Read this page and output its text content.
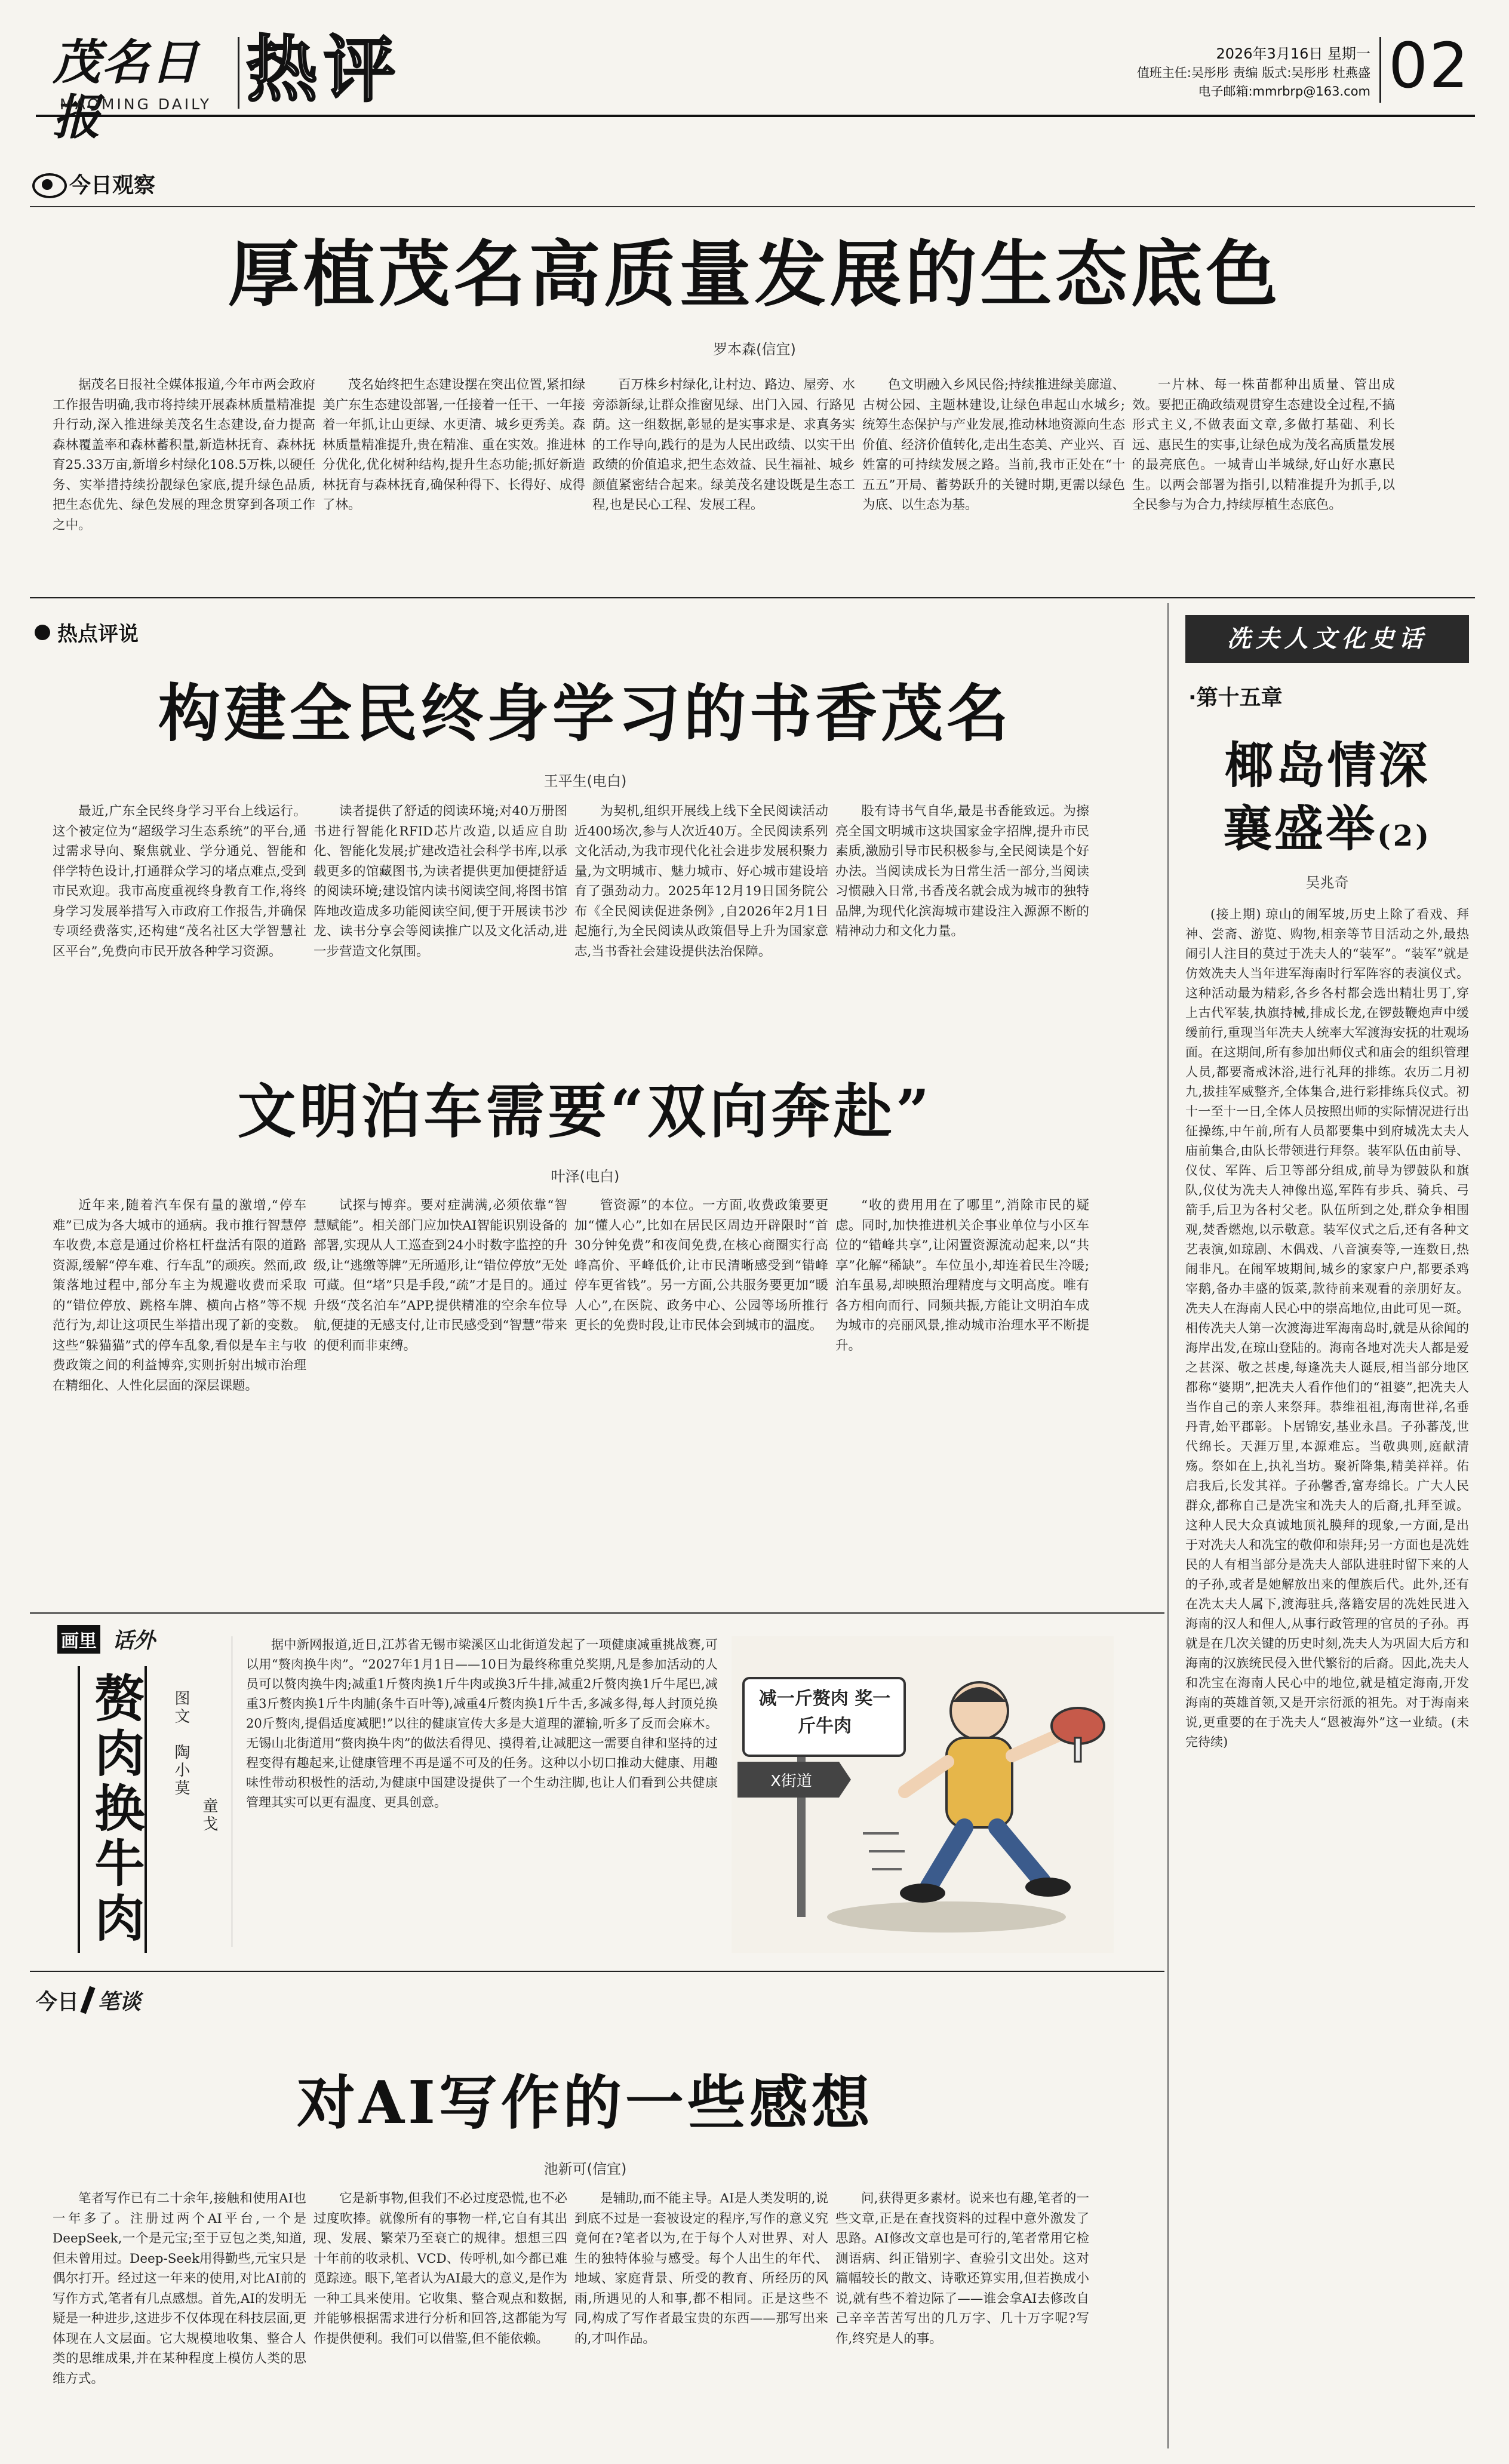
茂名日报
MAOMING DAILY 热评	2026年3月16日 星期一
值班主任:吴彤彤 责编 版式:吴彤彤 杜燕盛
电子邮箱:mmrbrp@163.com 02
今日观察
厚植茂名高质量发展的生态底色
罗本森(信宜)

据茂名日报社全媒体报道,今年市两会政府工作报告明确,我市将持续开展森林质量精准提升行动,深入推进绿美茂名生态建设,奋力提高森林覆盖率和森林蓄积量,新造林抚育、森林抚育25.33万亩,新增乡村绿化108.5万株,以硬任务、实举措持续扮靓绿色家底,提升绿色品质,把生态优先、绿色发展的理念贯穿到各项工作之中。

茂名始终把生态建设摆在突出位置,紧扣绿美广东生态建设部署,一任接着一任干、一年接着一年抓,让山更绿、水更清、城乡更秀美。森林质量精准提升,贵在精准、重在实效。推进林分优化,优化树种结构,提升生态功能;抓好新造林抚育与森林抚育,确保种得下、长得好、成得了林。

百万株乡村绿化,让村边、路边、屋旁、水旁添新绿,让群众推窗见绿、出门入园、行路见荫。这一组数据,彰显的是实事求是、求真务实的工作导向,践行的是为人民出政绩、以实干出政绩的价值追求,把生态效益、民生福祉、城乡颜值紧密结合起来。绿美茂名建设既是生态工程,也是民心工程、发展工程。

色文明融入乡风民俗;持续推进绿美廊道、古树公园、主题林建设,让绿色串起山水城乡;统筹生态保护与产业发展,推动林地资源向生态价值、经济价值转化,走出生态美、产业兴、百姓富的可持续发展之路。当前,我市正处在“十五五”开局、蓄势跃升的关键时期,更需以绿色为底、以生态为基。

一片林、每一株苗都种出质量、管出成效。要把正确政绩观贯穿生态建设全过程,不搞形式主义,不做表面文章,多做打基础、利长远、惠民生的实事,让绿色成为茂名高质量发展的最亮底色。一城青山半城绿,好山好水惠民生。以两会部署为指引,以精准提升为抓手,以全民参与为合力,持续厚植生态底色。

热点评说
构建全民终身学习的书香茂名
王平生(电白)

最近,广东全民终身学习平台上线运行。这个被定位为“超级学习生态系统”的平台,通过需求导向、聚焦就业、学分通兑、智能和伴学特色设计,打通群众学习的堵点难点,受到市民欢迎。我市高度重视终身教育工作,将终身学习发展举措写入市政府工作报告,并确保专项经费落实,还构建“茂名社区大学智慧社区平台”,免费向市民开放各种学习资源。

读者提供了舒适的阅读环境;对40万册图书进行智能化RFID芯片改造,以适应自助化、智能化发展;扩建改造社会科学书库,以承载更多的馆藏图书,为读者提供更加便捷舒适的阅读环境;建设馆内读书阅读空间,将图书馆阵地改造成多功能阅读空间,便于开展读书沙龙、读书分享会等阅读推广以及文化活动,进一步营造文化氛围。

为契机,组织开展线上线下全民阅读活动近400场次,参与人次近40万。全民阅读系列文化活动,为我市现代化社会进步发展积聚力量,为文明城市、魅力城市、好心城市建设培育了强劲动力。2025年12月19日国务院公布《全民阅读促进条例》,自2026年2月1日起施行,为全民阅读从政策倡导上升为国家意志,当书香社会建设提供法治保障。

股有诗书气自华,最是书香能致远。为擦亮全国文明城市这块国家金字招牌,提升市民素质,激励引导市民积极参与,全民阅读是个好办法。当阅读成长为日常生活一部分,当阅读习惯融入日常,书香茂名就会成为城市的独特品牌,为现代化滨海城市建设注入源源不断的精神动力和文化力量。

文明泊车需要“双向奔赴”
叶泽(电白)

近年来,随着汽车保有量的激增,“停车难”已成为各大城市的通病。我市推行智慧停车收费,本意是通过价格杠杆盘活有限的道路资源,缓解“停车难、行车乱”的顽疾。然而,政策落地过程中,部分车主为规避收费而采取的“错位停放、跳格车牌、横向占格”等不规范行为,却让这项民生举措出现了新的变数。这些“躲猫猫”式的停车乱象,看似是车主与收费政策之间的利益博弈,实则折射出城市治理在精细化、人性化层面的深层课题。

试探与博弈。要对症满满,必须依靠“智慧赋能”。相关部门应加快AI智能识别设备的部署,实现从人工巡查到24小时数字监控的升级,让“逃缴等牌”无所遁形,让“错位停放”无处可藏。但“堵”只是手段,“疏”才是目的。通过升级“茂名泊车”APP,提供精准的空余车位导航,便捷的无感支付,让市民感受到“智慧”带来的便利而非束缚。

管资源”的本位。一方面,收费政策要更加“懂人心”,比如在居民区周边开辟限时“首30分钟免费”和夜间免费,在核心商圈实行高峰高价、平峰低价,让市民清晰感受到“错峰停车更省钱”。另一方面,公共服务要更加“暖人心”,在医院、政务中心、公园等场所推行更长的免费时段,让市民体会到城市的温度。

“收的费用用在了哪里”,消除市民的疑虑。同时,加快推进机关企事业单位与小区车位的“错峰共享”,让闲置资源流动起来,以“共享”化解“稀缺”。车位虽小,却连着民生冷暖;泊车虽易,却映照治理精度与文明高度。唯有各方相向而行、同频共振,方能让文明泊车成为城市的亮丽风景,推动城市治理水平不断提升。

画里 话外
赘肉换牛肉	图文陶小莫
童戈

据中新网报道,近日,江苏省无锡市梁溪区山北街道发起了一项健康减重挑战赛,可以用“赘肉换牛肉”。“2027年1月1日——10日为最终称重兑奖期,凡是参加活动的人员可以赘肉换牛肉;减重1斤赘肉换1斤牛肉或换3斤牛排,减重2斤赘肉换1斤牛尾巴,减重3斤赘肉换1斤牛肉脯(条牛百叶等),减重4斤赘肉换1斤牛舌,多减多得,每人封顶兑换20斤赘肉,提倡适度减肥!”以往的健康宣传大多是大道理的灌输,听多了反而会麻木。无锡山北街道用“赘肉换牛肉”的做法看得见、摸得着,让减肥这一需要自律和坚持的过程变得有趣起来,让健康管理不再是遥不可及的任务。这种以小切口推动大健康、用趣味性带动积极性的活动,为健康中国建设提供了一个生动注脚,也让人们看到公共健康管理其实可以更有温度、更具创意。

减一斤赘肉 奖一斤牛肉
X街道
今日 笔谈
对AI写作的一些感想
池新可(信宜)

笔者写作已有二十余年,接触和使用AI也一年多了。注册过两个AI平台,一个是DeepSeek,一个是元宝;至于豆包之类,知道,但未曾用过。Deep-Seek用得勤些,元宝只是偶尔打开。经过这一年来的使用,对比AI前的写作方式,笔者有几点感想。首先,AI的发明无疑是一种进步,这进步不仅体现在科技层面,更体现在人文层面。它大规模地收集、整合人类的思维成果,并在某种程度上模仿人类的思维方式。

它是新事物,但我们不必过度恐慌,也不必过度吹捧。就像所有的事物一样,它自有其出现、发展、繁荣乃至衰亡的规律。想想三四十年前的收录机、VCD、传呼机,如今都已难觅踪迹。眼下,笔者认为AI最大的意义,是作为一种工具来使用。它收集、整合观点和数据,并能够根据需求进行分析和回答,这都能为写作提供便利。我们可以借鉴,但不能依赖。

是辅助,而不能主导。AI是人类发明的,说到底不过是一套被设定的程序,写作的意义究竟何在?笔者以为,在于每个人对世界、对人生的独特体验与感受。每个人出生的年代、地域、家庭背景、所受的教育、所经历的风雨,所遇见的人和事,都不相同。正是这些不同,构成了写作者最宝贵的东西——那写出来的,才叫作品。

问,获得更多素材。说来也有趣,笔者的一些文章,正是在查找资料的过程中意外激发了思路。AI修改文章也是可行的,笔者常用它检测语病、纠正错别字、查验引文出处。这对篇幅较长的散文、诗歌还算实用,但若换成小说,就有些不着边际了——谁会拿AI去修改自己辛辛苦苦写出的几万字、几十万字呢?写作,终究是人的事。

冼夫人文化史话
·第十五章
椰岛情深
襄盛举(2)
吴兆奇

(接上期) 琼山的闹军坡,历史上除了看戏、拜神、尝斋、游览、购物,相亲等节目活动之外,最热闹引人注目的莫过于冼夫人的“装军”。“装军”就是仿效冼夫人当年进军海南时行军阵容的表演仪式。这种活动最为精彩,各乡各村都会选出精壮男丁,穿上古代军装,执旗持械,排成长龙,在锣鼓鞭炮声中缓缓前行,重现当年冼夫人统率大军渡海安抚的壮观场面。在这期间,所有参加出师仪式和庙会的组织管理人员,都要斋戒沐浴,进行礼拜的排练。农历二月初九,拔挂军威整齐,全体集合,进行彩排练兵仪式。初十一至十一日,全体人员按照出师的实际情况进行出征操练,中午前,所有人员都要集中到府城冼太夫人庙前集合,由队长带领进行拜祭。装军队伍由前导、仪仗、军阵、后卫等部分组成,前导为锣鼓队和旗队,仪仗为冼夫人神像出巡,军阵有步兵、骑兵、弓箭手,后卫为各村父老。队伍所到之处,群众争相围观,焚香燃炮,以示敬意。装军仪式之后,还有各种文艺表演,如琼剧、木偶戏、八音演奏等,一连数日,热闹非凡。在闹军坡期间,城乡的家家户户,都要杀鸡宰鹅,备办丰盛的饭菜,款待前来观看的亲朋好友。冼夫人在海南人民心中的崇高地位,由此可见一斑。相传冼夫人第一次渡海进军海南岛时,就是从徐闻的海岸出发,在琼山登陆的。海南各地对冼夫人都是爱之甚深、敬之甚虔,每逢冼夫人诞辰,相当部分地区都称“婆期”,把冼夫人看作他们的“祖婆”,把冼夫人当作自己的亲人来祭拜。恭维祖祖,海南世祥,名垂丹青,始平郡彰。卜居锦安,基业永昌。子孙蕃茂,世代绵长。天涯万里,本源难忘。当敬典则,庭献清殇。祭如在上,执礼当坊。聚祈降集,精美祥祥。佑启我后,长发其祥。子孙馨香,富寿绵长。广大人民群众,都称自己是冼宝和冼夫人的后裔,扎拜至诚。这种人民大众真诚地顶礼膜拜的现象,一方面,是出于对冼夫人和冼宝的敬仰和崇拜;另一方面也是冼姓民的人有相当部分是冼夫人部队进驻时留下来的人的子孙,或者是她解放出来的俚族后代。此外,还有在冼太夫人属下,渡海驻兵,落籍安居的冼姓民进入海南的汉人和俚人,从事行政管理的官员的子孙。再就是在几次关键的历史时刻,冼夫人为巩固大后方和海南的汉族统民侵入世代繁衍的后裔。因此,冼夫人和冼宝在海南人民心中的地位,就是植定海南,开发海南的英雄首领,又是开宗衍派的祖先。对于海南来说,更重要的在于冼夫人“恩被海外”这一业绩。(未完待续)
